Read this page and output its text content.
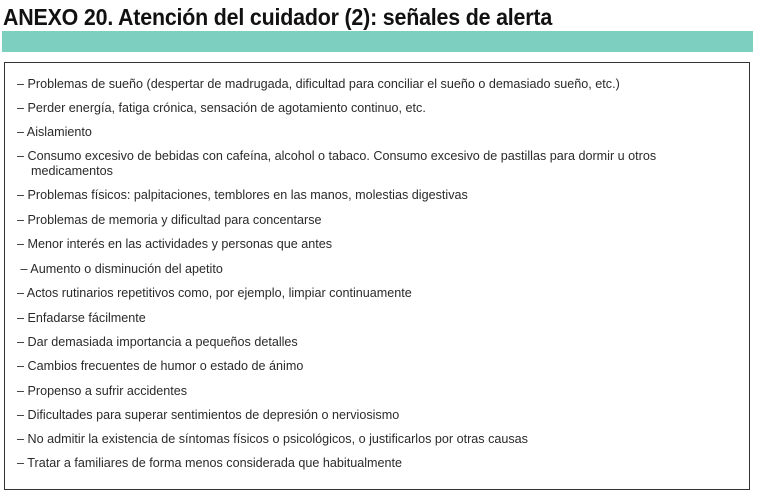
ANEXO 20. Atención del cuidador (2): señales de alerta
– Problemas de sueño (despertar de madrugada, dificultad para conciliar el sueño o demasiado sueño, etc.)
– Perder energía, fatiga crónica, sensación de agotamiento continuo, etc.
– Aislamiento
– Consumo excesivo de bebidas con cafeína, alcohol o tabaco. Consumo excesivo de pastillas para dormir u otros
medicamentos
– Problemas físicos: palpitaciones, temblores en las manos, molestias digestivas
– Problemas de memoria y dificultad para concentarse
– Menor interés en las actividades y personas que antes
– Aumento o disminución del apetito
– Actos rutinarios repetitivos como, por ejemplo, limpiar continuamente
– Enfadarse fácilmente
– Dar demasiada importancia a pequeños detalles
– Cambios frecuentes de humor o estado de ánimo
– Propenso a sufrir accidentes
– Dificultades para superar sentimientos de depresión o nerviosismo
– No admitir la existencia de síntomas físicos o psicológicos, o justificarlos por otras causas
– Tratar a familiares de forma menos considerada que habitualmente
